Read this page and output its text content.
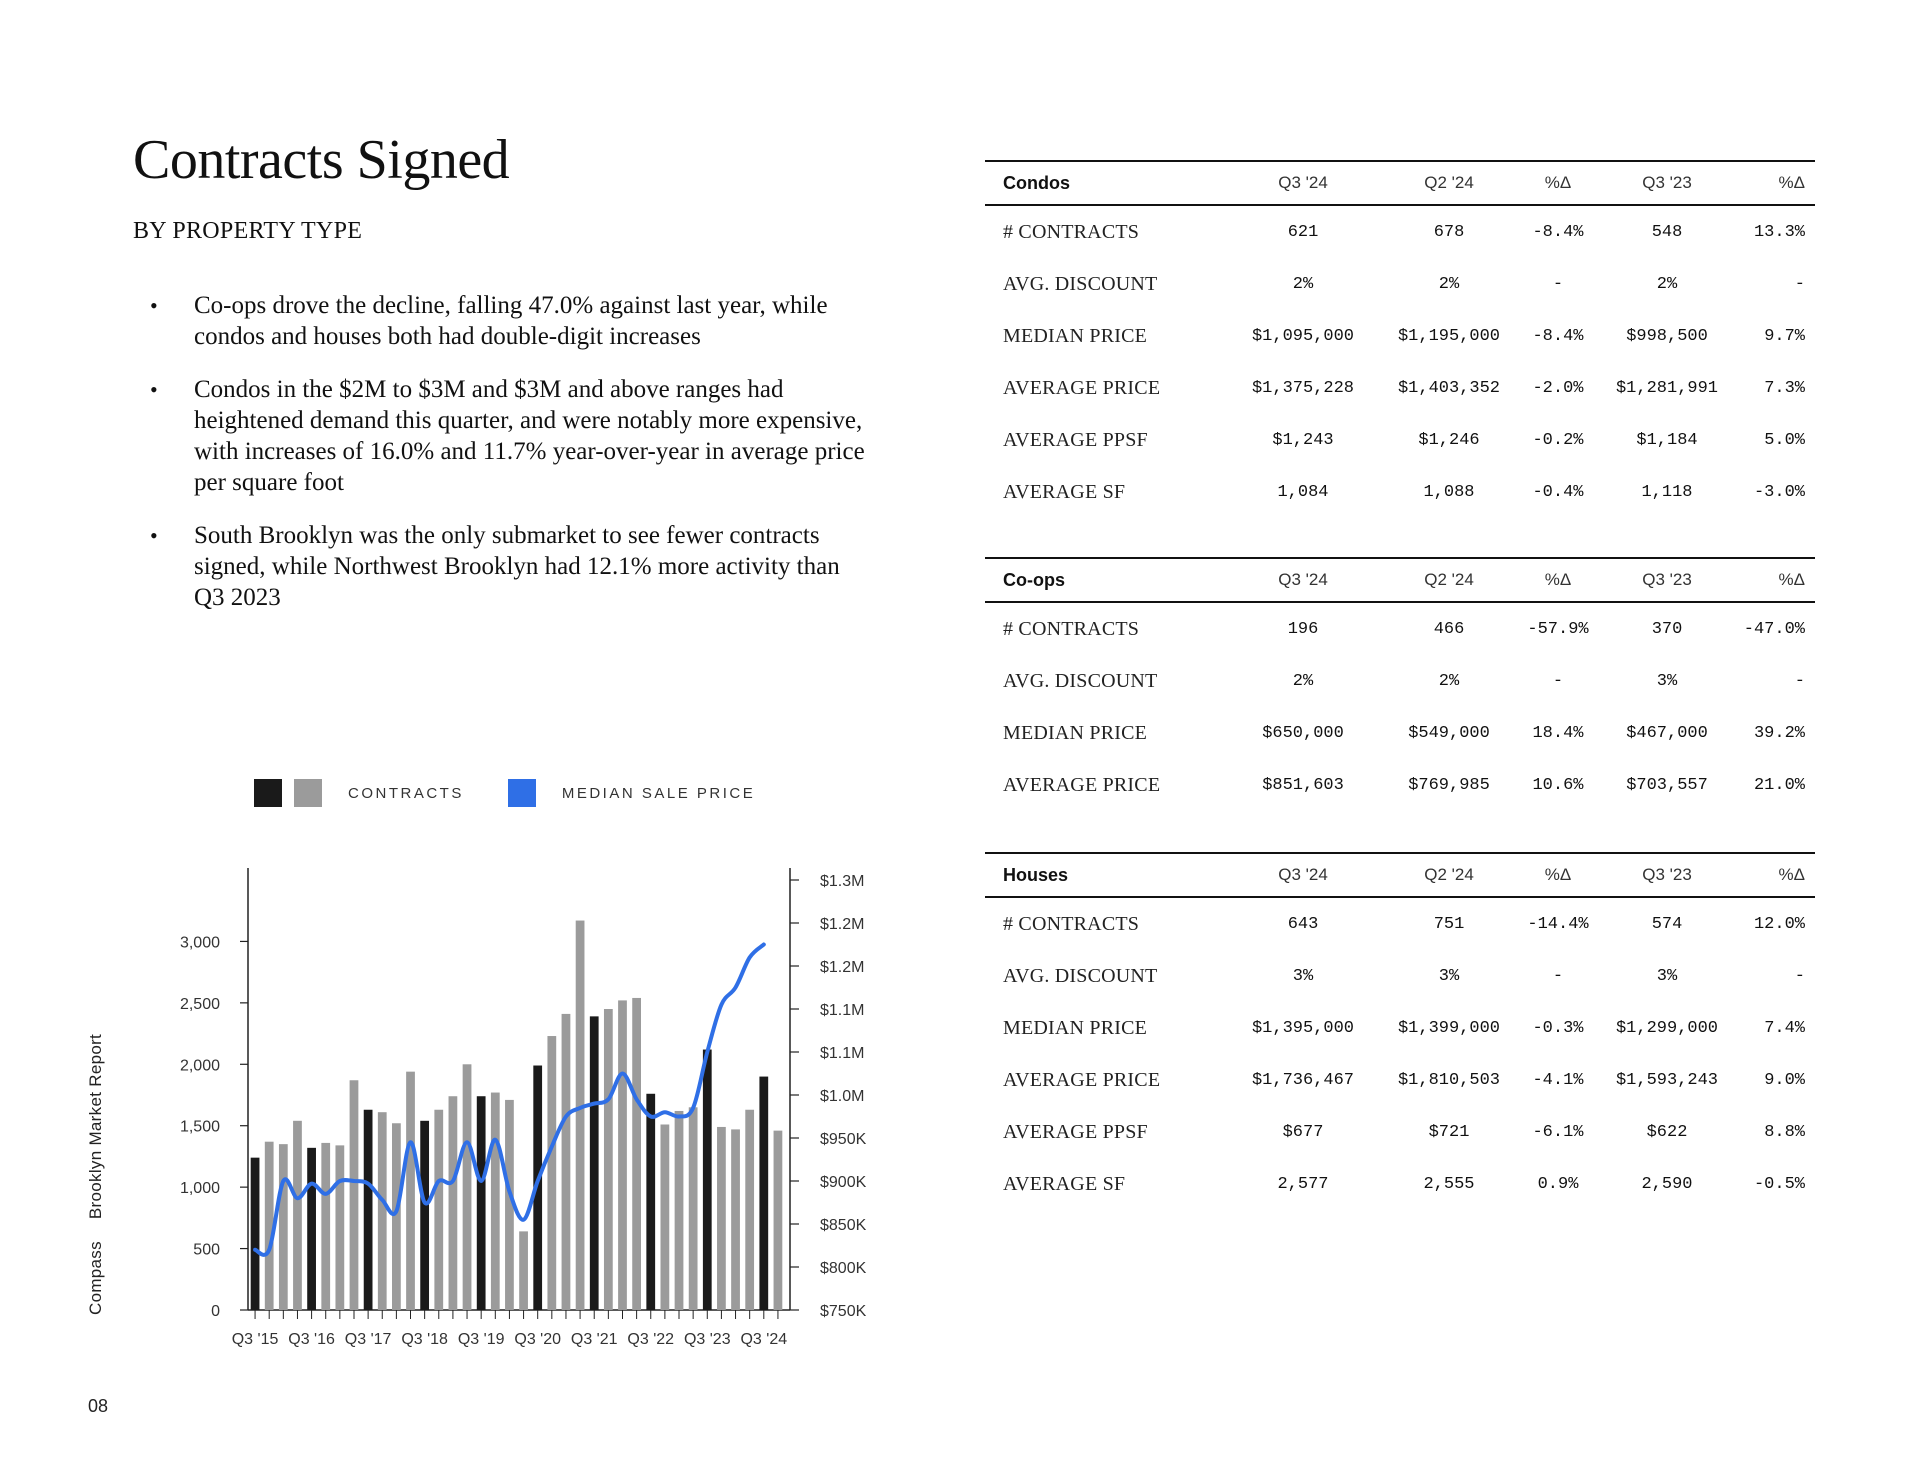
Contracts Signed
BY PROPERTY TYPE
• Co-ops drove the decline, falling 47.0% against last year, while condos and houses both had double-digit increases
• Condos in the $2M to $3M and $3M and above ranges had heightened demand this quarter, and were notably more expensive, with increases of 16.0% and 11.7% year-over-year in average price per square foot
• South Brooklyn was the only submarket to see fewer contracts signed, while Northwest Brooklyn had 12.1% more activity than Q3 2023
CompassBrooklyn Market Report
08
CONTRACTS	MEDIAN SALE PRICE
0
500
1,000
1,500
2,000
2,500
3,000
$750K
$800K
$850K
$900K
$950K
$1.0M
$1.1M
$1.1M
$1.2M
$1.2M
$1.3M
Q3 '15 Q3 '16 Q3 '17 Q3 '18 Q3 '19 Q3 '20 Q3 '21 Q3 '22 Q3 '23 Q3 '24
Condos	Q3 '24	Q2 '24	%Δ	Q3 '23	%Δ
# CONTRACTS	621	678	-8.4%	548	13.3%
AVG. DISCOUNT	2%	2%	-	2%	-
MEDIAN PRICE	$1,095,000	$1,195,000	-8.4%	$998,500	9.7%
AVERAGE PRICE	$1,375,228	$1,403,352	-2.0%	$1,281,991	7.3%
AVERAGE PPSF	$1,243	$1,246	-0.2%	$1,184	5.0%
AVERAGE SF	1,084	1,088	-0.4%	1,118	-3.0%
Co-ops	Q3 '24	Q2 '24	%Δ	Q3 '23	%Δ
# CONTRACTS	196	466	-57.9%	370	-47.0%
AVG. DISCOUNT	2%	2%	-	3%	-
MEDIAN PRICE	$650,000	$549,000	18.4%	$467,000	39.2%
AVERAGE PRICE	$851,603	$769,985	10.6%	$703,557	21.0%
Houses	Q3 '24	Q2 '24	%Δ	Q3 '23	%Δ
# CONTRACTS	643	751	-14.4%	574	12.0%
AVG. DISCOUNT	3%	3%	-	3%	-
MEDIAN PRICE	$1,395,000	$1,399,000	-0.3%	$1,299,000	7.4%
AVERAGE PRICE	$1,736,467	$1,810,503	-4.1%	$1,593,243	9.0%
AVERAGE PPSF	$677	$721	-6.1%	$622	8.8%
AVERAGE SF	2,577	2,555	0.9%	2,590	-0.5%
